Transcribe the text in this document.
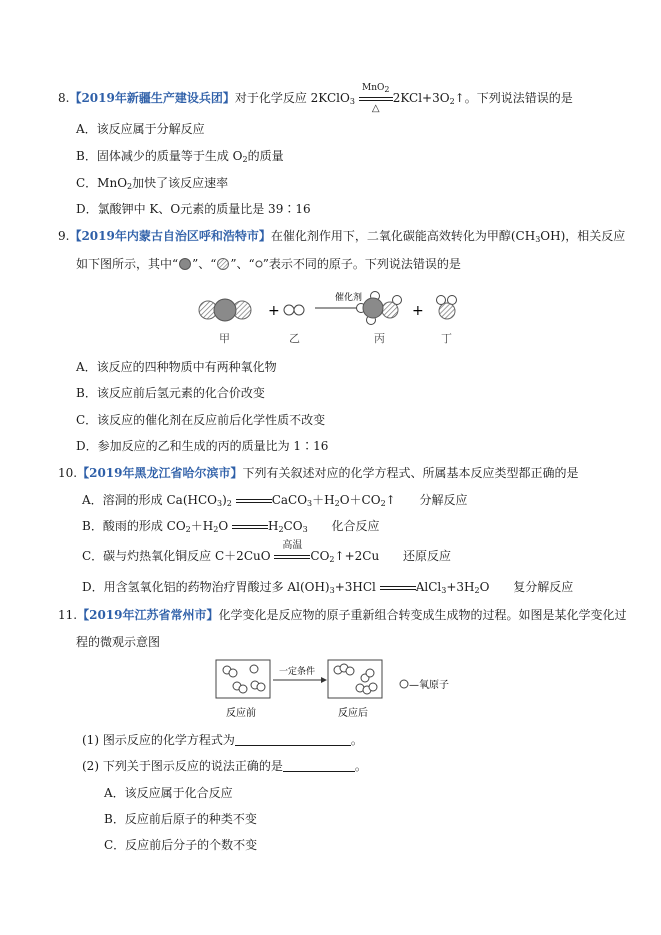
8.【2019年新疆生产建设兵团】对于化学反应 2KClO$_3$
MnO$_2$
△
$2KCl+3O_2↑$。下列说法错误的是
A．该反应属于分解反应
B．固体减少的质量等于生成 $O_2$的质量
C．MnO$_2$加快了该反应速率
D．氯酸钾中 K、O元素的质量比是 39∶16
9.【2019年内蒙古自治区呼和浩特市】在催化剂作用下，二氧化碳能高效转化为甲醇$(CH_3OH)$，相关反应
如下图所示，其中“ ”、“ ”、“ ”表示不同的原子。下列说法错误的是
+
催化剂
+
甲	乙	丙	丁
A．该反应的四种物质中有两种氧化物
B．该反应前后氢元素的化合价改变
C．该反应的催化剂在反应前后化学性质不改变
D．参加反应的乙和生成的丙的质量比为 1∶16
10.【2019年黑龙江省哈尔滨市】下列有关叙述对应的化学方程式、所属基本反应类型都正确的是
A．溶洞的形成 $Ca(HCO_3)_2$	$CaCO_3+H_2O+CO_2↑$ 分解反应
B．酸雨的形成 $CO_2+H_2O$	$H_2CO_3$ 化合反应
C．碳与灼热氧化铜反应 C＋2CuO
高温
$CO_2↑+2Cu$ 还原反应
D．用含氢氧化铝的药物治疗胃酸过多 $Al(OH)_3+3HCl$	$AlCl_3+3H_2O$ 复分解反应
11.【2019年江苏省常州市】化学变化是反应物的原子重新组合转变成生成物的过程。如图是某化学变化过
程的微观示意图
一定条件
—氧原子
反应前	反应后
(1) 图示反应的化学方程式为	。
(2) 下列关于图示反应的说法正确的是	。
A．该反应属于化合反应
B．反应前后原子的种类不变
C．反应前后分子的个数不变
